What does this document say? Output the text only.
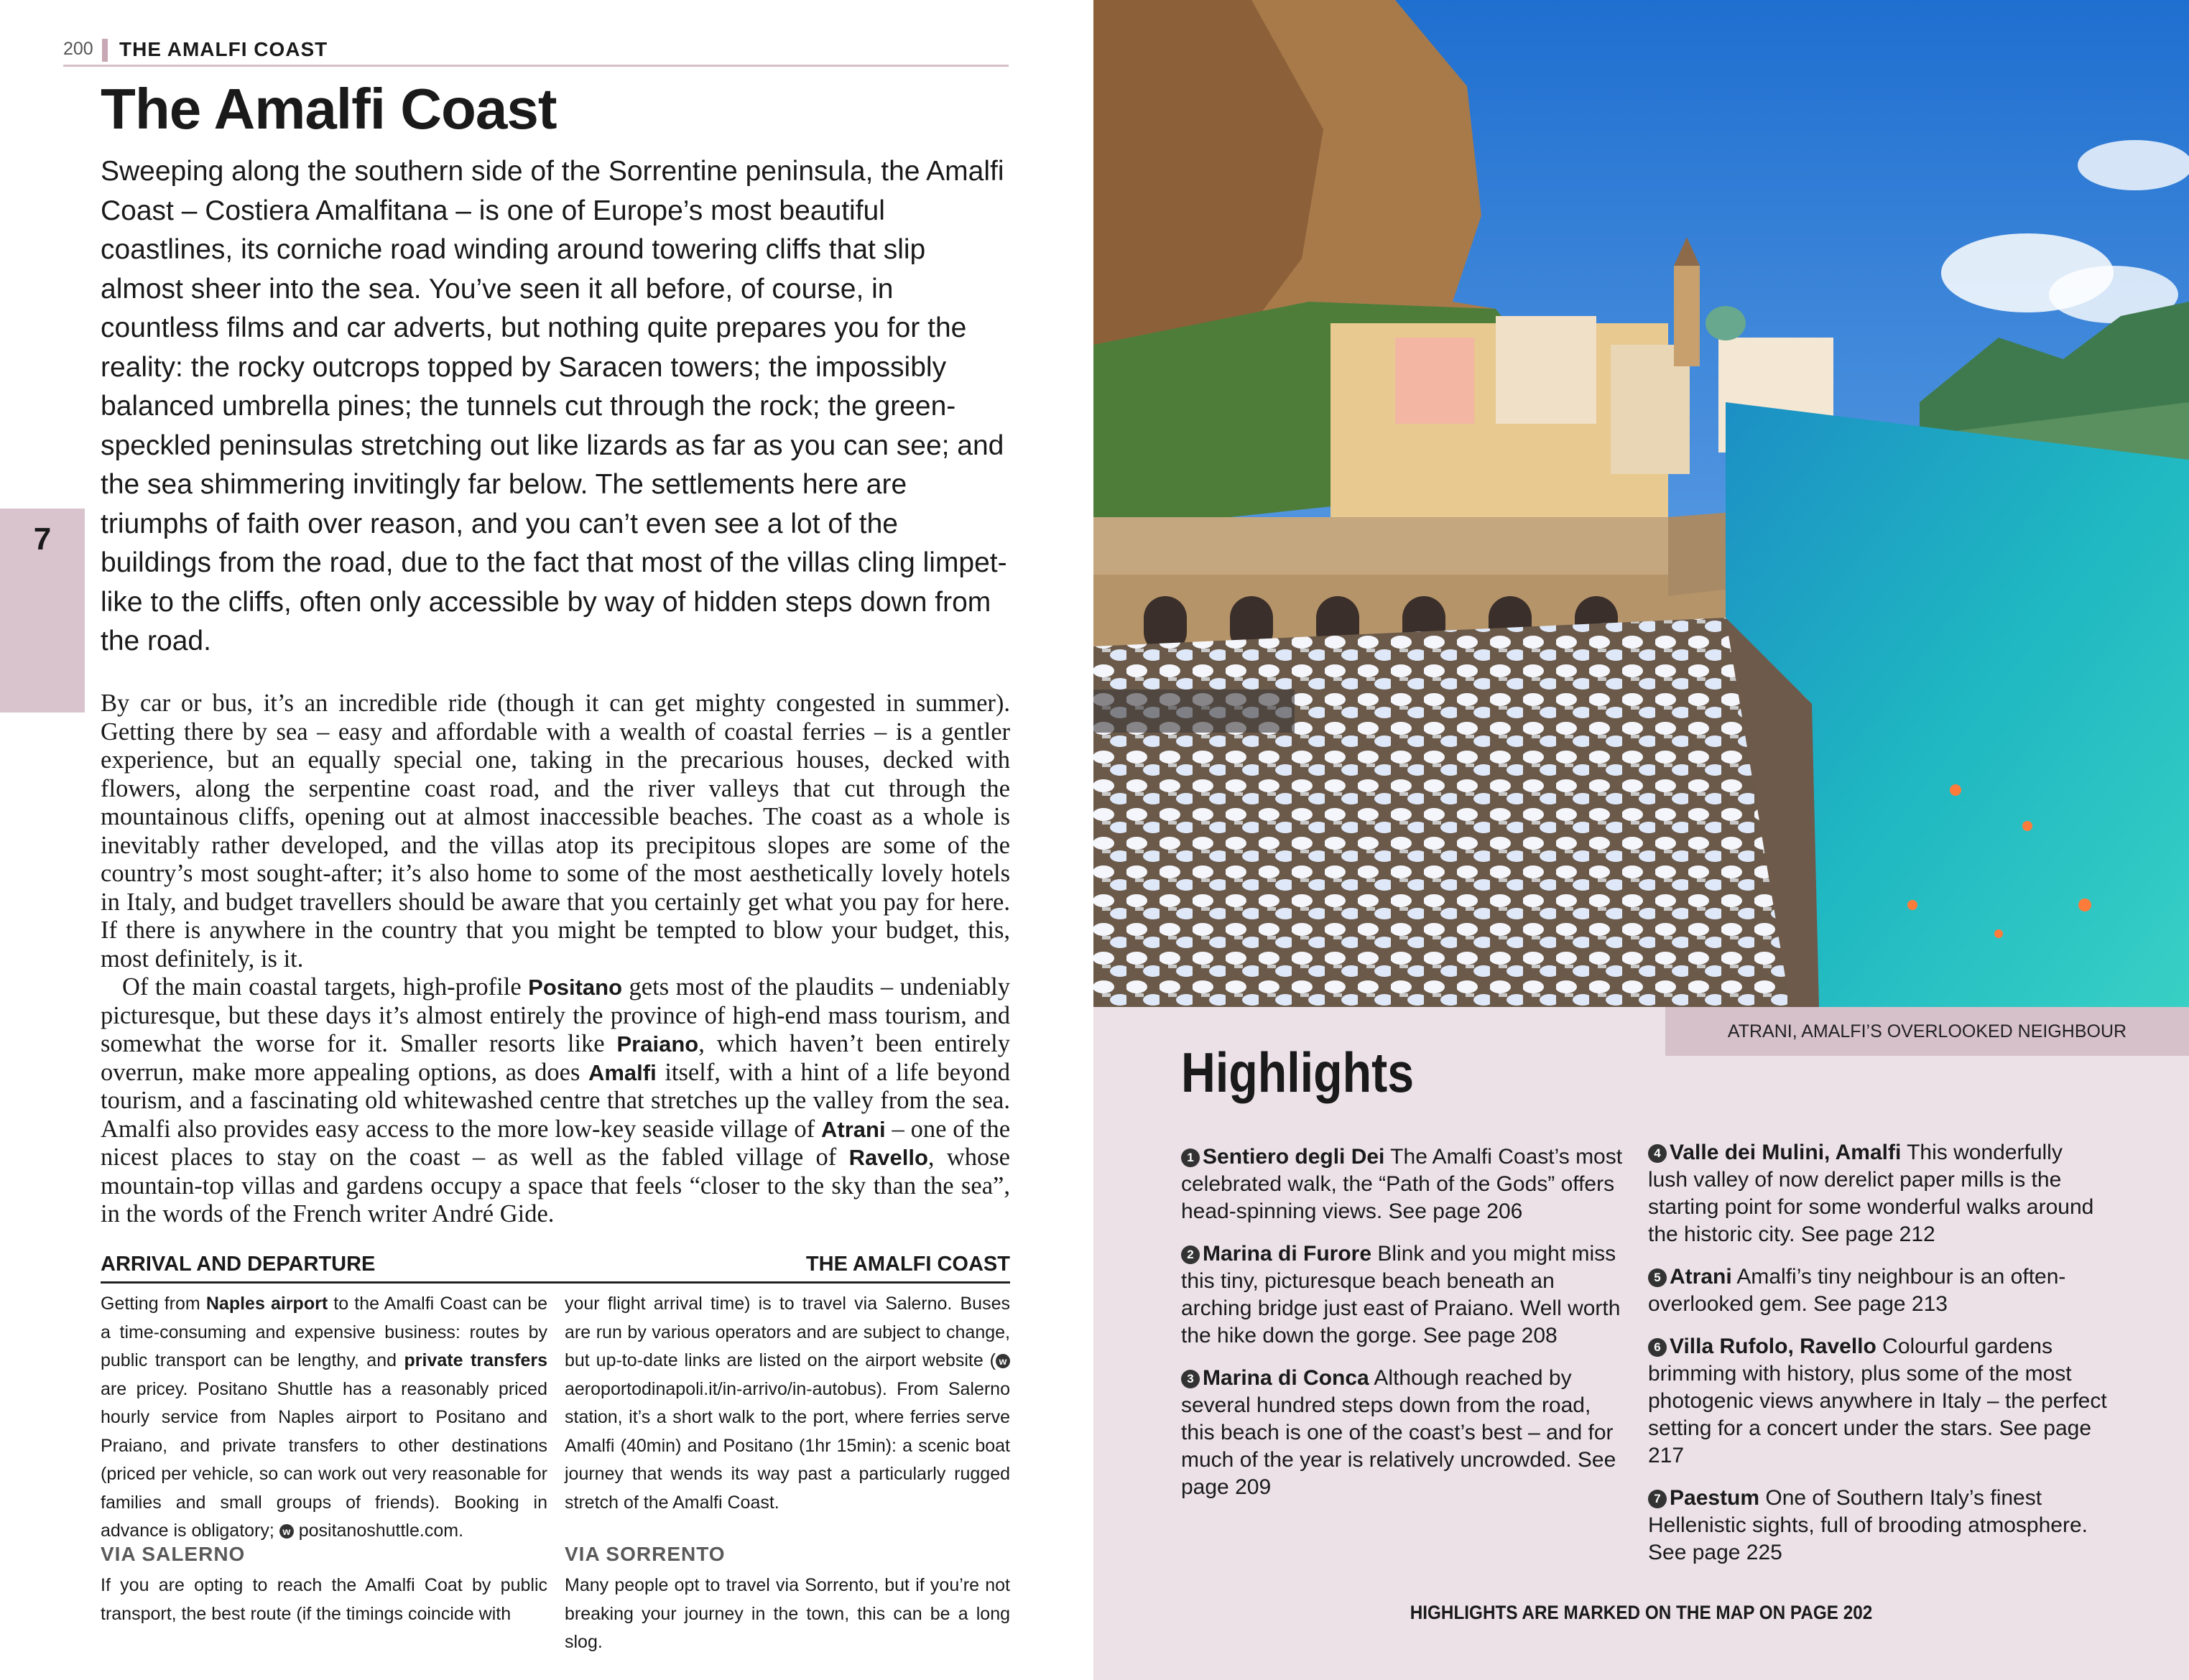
200 THE AMALFI COAST
7
The Amalfi Coast
Sweeping along the southern side of the Sorrentine peninsula, the Amalfi Coast – Costiera Amalfitana – is one of Europe’s most beautiful coastlines, its corniche road winding around towering cliffs that slip almost sheer into the sea. You’ve seen it all before, of course, in countless films and car adverts, but nothing quite prepares you for the reality: the rocky outcrops topped by Saracen towers; the impossibly balanced umbrella pines; the tunnels cut through the rock; the green-speckled peninsulas stretching out like lizards as far as you can see; and the sea shimmering invitingly far below. The settlements here are triumphs of faith over reason, and you can’t even see a lot of the buildings from the road, due to the fact that most of the villas cling limpet-like to the cliffs, often only accessible by way of hidden steps down from the road.

By car or bus, it’s an incredible ride (though it can get mighty congested in summer). Getting there by sea – easy and affordable with a wealth of coastal ferries – is a gentler experience, but an equally special one, taking in the precarious houses, decked with flowers, along the serpentine coast road, and the river valleys that cut through the mountainous cliffs, opening out at almost inaccessible beaches. The coast as a whole is inevitably rather developed, and the villas atop its precipitous slopes are some of the country’s most sought-after; it’s also home to some of the most aesthetically lovely hotels in Italy, and budget travellers should be aware that you certainly get what you pay for here. If there is anywhere in the country that you might be tempted to blow your budget, this, most definitely, is it.

Of the main coastal targets, high-profile Positano gets most of the plaudits – undeniably picturesque, but these days it’s almost entirely the province of high-end mass tourism, and somewhat the worse for it. Smaller resorts like Praiano, which haven’t been entirely overrun, make more appealing options, as does Amalfi itself, with a hint of a life beyond tourism, and a fascinating old whitewashed centre that stretches up the valley from the sea. Amalfi also provides easy access to the more low-key seaside village of Atrani – one of the nicest places to stay on the coast – as well as the fabled village of Ravello, whose mountain-top villas and gardens occupy a space that feels “closer to the sky than the sea”, in the words of the French writer André Gide.

ARRIVAL AND DEPARTURE	THE AMALFI COAST
Getting from Naples airport to the Amalfi Coast can be a time-consuming and expensive business: routes by public transport can be lengthy, and private transfers are pricey. Positano Shuttle has a reasonably priced hourly service from Naples airport to Positano and Praiano, and private transfers to other destinations (priced per vehicle, so can work out very reasonable for families and small groups of friends). Booking in advance is obligatory; w positanoshuttle.com.
your flight arrival time) is to travel via Salerno. Buses are run by various operators and are subject to change, but up-to-date links are listed on the airport website ( waeroportodinapoli.it/in-arrivo/in-autobus). From Salerno station, it’s a short walk to the port, where ferries serve Amalfi (40min) and Positano (1hr 15min): a scenic boat journey that wends its way past a particularly rugged stretch of the Amalfi Coast.
VIA SALERNO	VIA SORRENTO
If you are opting to reach the Amalfi Coat by public transport, the best route (if the timings coincide with
Many people opt to travel via Sorrento, but if you’re not breaking your journey in the town, this can be a long slog.
ATRANI, AMALFI’S OVERLOOKED NEIGHBOUR
Highlights
1 Sentiero degli Dei The Amalfi Coast’s most celebrated walk, the “Path of the Gods” offers head-spinning views. See page 206
2 Marina di Furore Blink and you might miss this tiny, picturesque beach beneath an arching bridge just east of Praiano. Well worth the hike down the gorge. See page 208
3 Marina di Conca Although reached by several hundred steps down from the road, this beach is one of the coast’s best – and for much of the year is relatively uncrowded. See page 209
4 Valle dei Mulini, Amalfi This wonderfully lush valley of now derelict paper mills is the starting point for some wonderful walks around the historic city. See page 212
5 Atrani Amalfi’s tiny neighbour is an often-overlooked gem. See page 213
6 Villa Rufolo, Ravello Colourful gardens brimming with history, plus some of the most photogenic views anywhere in Italy – the perfect setting for a concert under the stars. See page 217
7 Paestum One of Southern Italy’s finest Hellenistic sights, full of brooding atmosphere. See page 225
HIGHLIGHTS ARE MARKED ON THE MAP ON PAGE 202
